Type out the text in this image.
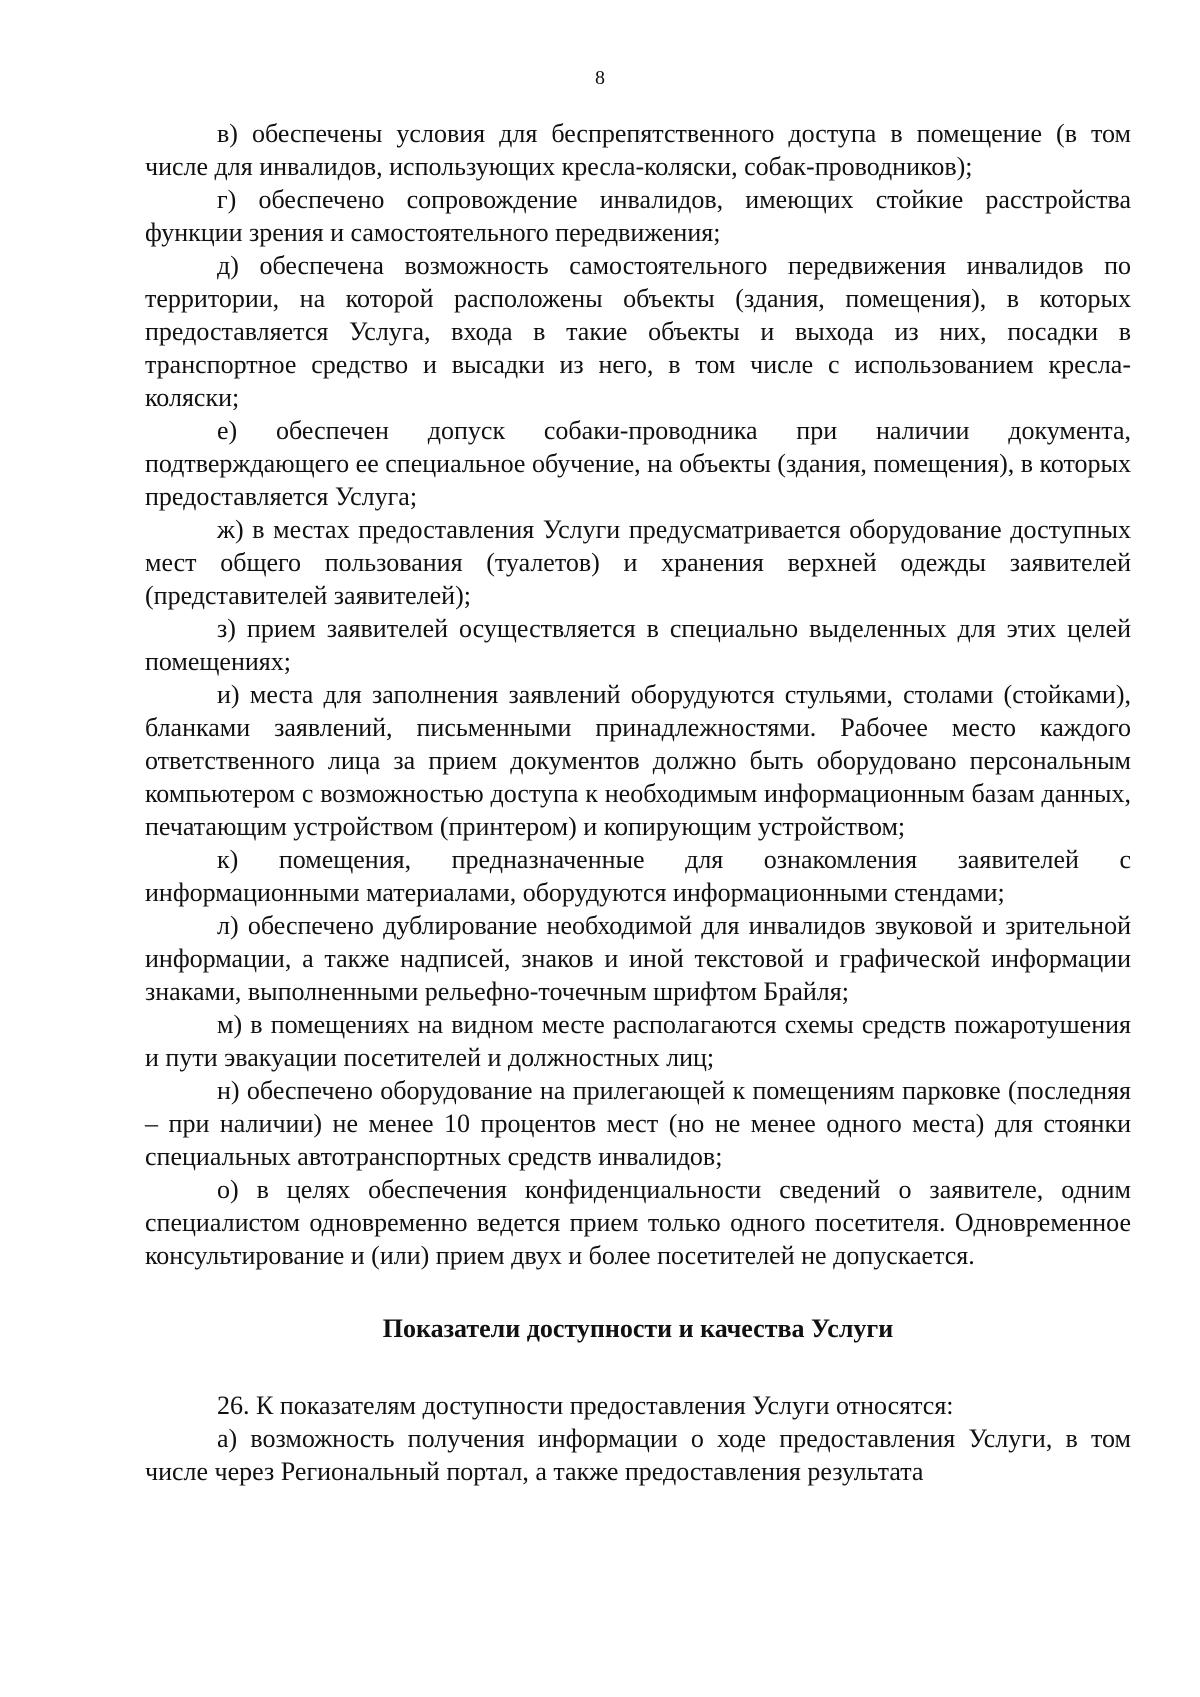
8

в) обеспечены условия для беспрепятственного доступа в помещение (в том числе для инвалидов, использующих кресла-коляски, собак-проводников);

г) обеспечено сопровождение инвалидов, имеющих стойкие расстройства функции зрения и самостоятельного передвижения;

д) обеспечена возможность самостоятельного передвижения инвалидов по территории, на которой расположены объекты (здания, помещения), в которых предоставляется Услуга, входа в такие объекты и выхода из них, посадки в транспортное средство и высадки из него, в том числе с использованием кресла-коляски;

е) обеспечен допуск собаки-проводника при наличии документа, подтверждающего ее специальное обучение, на объекты (здания, помещения), в которых предоставляется Услуга;

ж) в местах предоставления Услуги предусматривается оборудование доступных мест общего пользования (туалетов) и хранения верхней одежды заявителей (представителей заявителей);

з) прием заявителей осуществляется в специально выделенных для этих целей помещениях;

и) места для заполнения заявлений оборудуются стульями, столами (стойками), бланками заявлений, письменными принадлежностями. Рабочее место каждого ответственного лица за прием документов должно быть оборудовано персональным компьютером с возможностью доступа к необходимым информационным базам данных, печатающим устройством (принтером) и копирующим устройством;

к) помещения, предназначенные для ознакомления заявителей с информационными материалами, оборудуются информационными стендами;

л) обеспечено дублирование необходимой для инвалидов звуковой и зрительной информации, а также надписей, знаков и иной текстовой и графической информации знаками, выполненными рельефно-точечным шрифтом Брайля;

м) в помещениях на видном месте располагаются схемы средств пожаротушения и пути эвакуации посетителей и должностных лиц;

н) обеспечено оборудование на прилегающей к помещениям парковке (последняя – при наличии) не менее 10 процентов мест (но не менее одного места) для стоянки специальных автотранспортных средств инвалидов;

о) в целях обеспечения конфиденциальности сведений о заявителе, одним специалистом одновременно ведется прием только одного посетителя. Одновременное консультирование и (или) прием двух и более посетителей не допускается.

Показатели доступности и качества Услуги

26. К показателям доступности предоставления Услуги относятся:

а) возможность получения информации о ходе предоставления Услуги, в том числе через Региональный портал, а также предоставления результата
